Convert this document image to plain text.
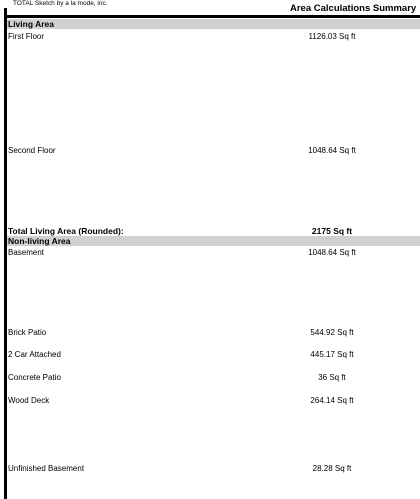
TOTAL Sketch by a la mode, inc.	Area Calculations Summary
Living Area
First Floor	1126.03 Sq ft
Second Floor	1048.64 Sq ft
Total Living Area (Rounded):	2175 Sq ft
Non-living Area
Basement	1048.64 Sq ft
Brick Patio	544.92 Sq ft
2 Car Attached	445.17 Sq ft
Concrete Patio	36 Sq ft
Wood Deck	264.14 Sq ft
Unfinished Basement	28.28 Sq ft
